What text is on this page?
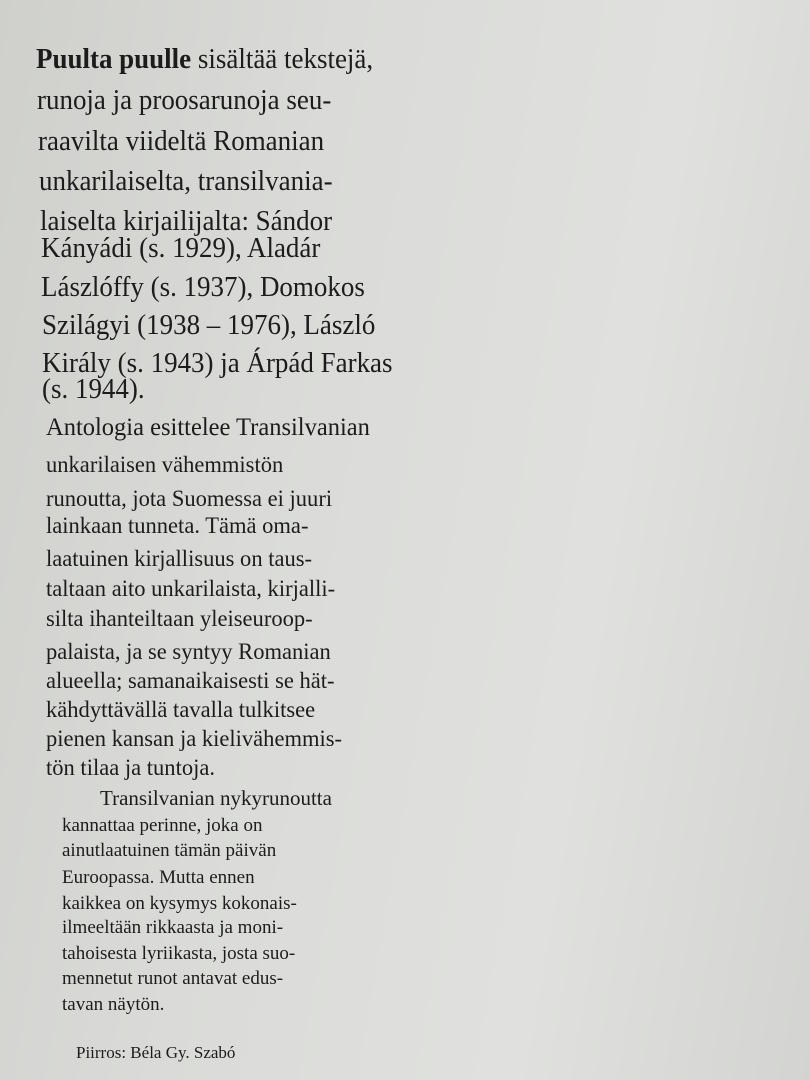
Puulta puulle sisältää tekstejä,
runoja ja proosarunoja seu-
raavilta viideltä Romanian
unkarilaiselta, transilvania-
laiselta kirjailijalta: Sándor
Kányádi (s. 1929), Aladár
Lászlóffy (s. 1937), Domokos
Szilágyi (1938 – 1976), László
Király (s. 1943) ja Árpád Farkas
(s. 1944).
Antologia esittelee Transilvanian
unkarilaisen vähemmistön
runoutta, jota Suomessa ei juuri
lainkaan tunneta. Tämä oma-
laatuinen kirjallisuus on taus-
taltaan aito unkarilaista, kirjalli-
silta ihanteiltaan yleiseuroop-
palaista, ja se syntyy Romanian
alueella; samanaikaisesti se hät-
kähdyttävällä tavalla tulkitsee
pienen kansan ja kielivähemmis-
tön tilaa ja tuntoja.
Transilvanian nykyrunoutta
kannattaa perinne, joka on
ainutlaatuinen tämän päivän
Euroopassa. Mutta ennen
kaikkea on kysymys kokonais-
ilmeeltään rikkaasta ja moni-
tahoisesta lyriikasta, josta suo-
mennetut runot antavat edus-
tavan näytön.
Piirros: Béla Gy. Szabó
